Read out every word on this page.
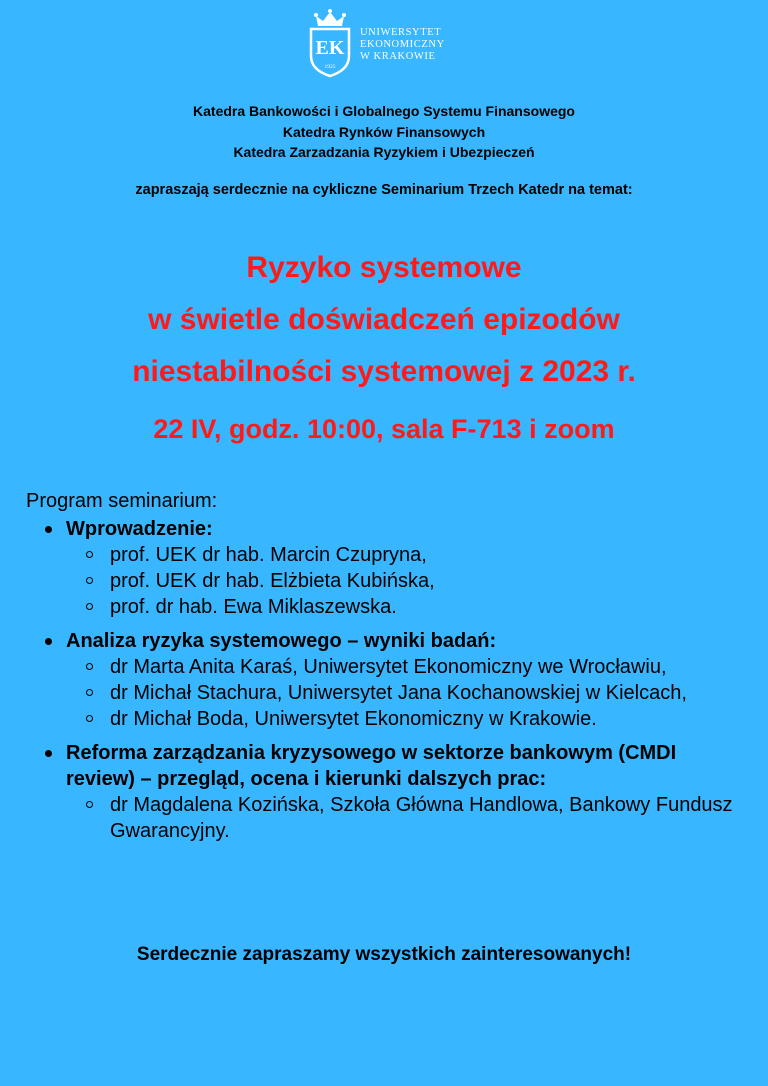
EK
1925
UNIWERSYTET
EKONOMICZNY
W KRAKOWIE
Katedra Bankowości i Globalnego Systemu Finansowego
Katedra Rynków Finansowych
Katedra Zarzadzania Ryzykiem i Ubezpieczeń
zapraszają serdecznie na cykliczne Seminarium Trzech Katedr na temat:
Ryzyko systemowe
w świetle doświadczeń epizodów
niestabilności systemowej z 2023 r.
22 IV, godz. 10:00, sala F-713 i zoom
Program seminarium:
Wprowadzenie:
prof. UEK dr hab. Marcin Czupryna,
prof. UEK dr hab. Elżbieta Kubińska,
prof. dr hab. Ewa Miklaszewska.
Analiza ryzyka systemowego – wyniki badań:
dr Marta Anita Karaś, Uniwersytet Ekonomiczny we Wrocławiu,
dr Michał Stachura, Uniwersytet Jana Kochanowskiej w Kielcach,
dr Michał Boda, Uniwersytet Ekonomiczny w Krakowie.
Reforma zarządzania kryzysowego w sektorze bankowym (CMDI review) – przegląd, ocena i kierunki dalszych prac:
dr Magdalena Kozińska, Szkoła Główna Handlowa, Bankowy Fundusz Gwarancyjny.
Serdecznie zapraszamy wszystkich zainteresowanych!
